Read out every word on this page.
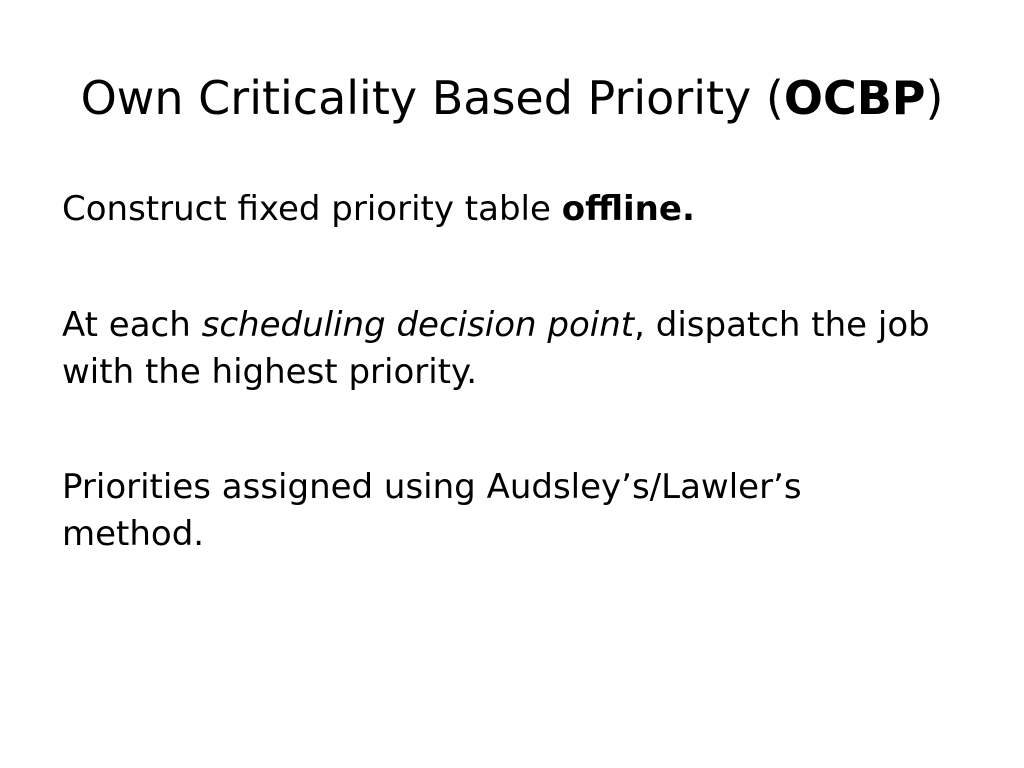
Own Criticality Based Priority (OCBP)

Construct fixed priority table offline.

At each scheduling decision point, dispatch the job with the highest priority.

Priorities assigned using Audsley’s/Lawler’s method.
